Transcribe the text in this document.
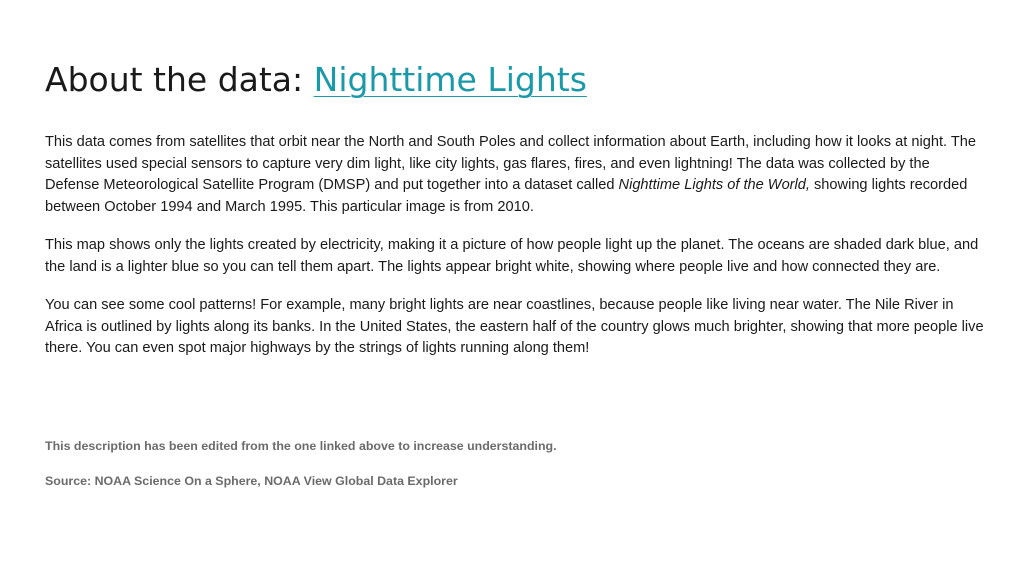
About the data: Nighttime Lights

This data comes from satellites that orbit near the North and South Poles and collect information about Earth, including how it looks at night. The satellites used special sensors to capture very dim light, like city lights, gas flares, fires, and even lightning! The data was collected by the Defense Meteorological Satellite Program (DMSP) and put together into a dataset called Nighttime Lights of the World, showing lights recorded between October 1994 and March 1995. This particular image is from 2010.

This map shows only the lights created by electricity, making it a picture of how people light up the planet. The oceans are shaded dark blue, and the land is a lighter blue so you can tell them apart. The lights appear bright white, showing where people live and how connected they are.

You can see some cool patterns! For example, many bright lights are near coastlines, because people like living near water. The Nile River in Africa is outlined by lights along its banks. In the United States, the eastern half of the country glows much brighter, showing that more people live there. You can even spot major highways by the strings of lights running along them!

This description has been edited from the one linked above to increase understanding.

Source: NOAA Science On a Sphere, NOAA View Global Data Explorer
